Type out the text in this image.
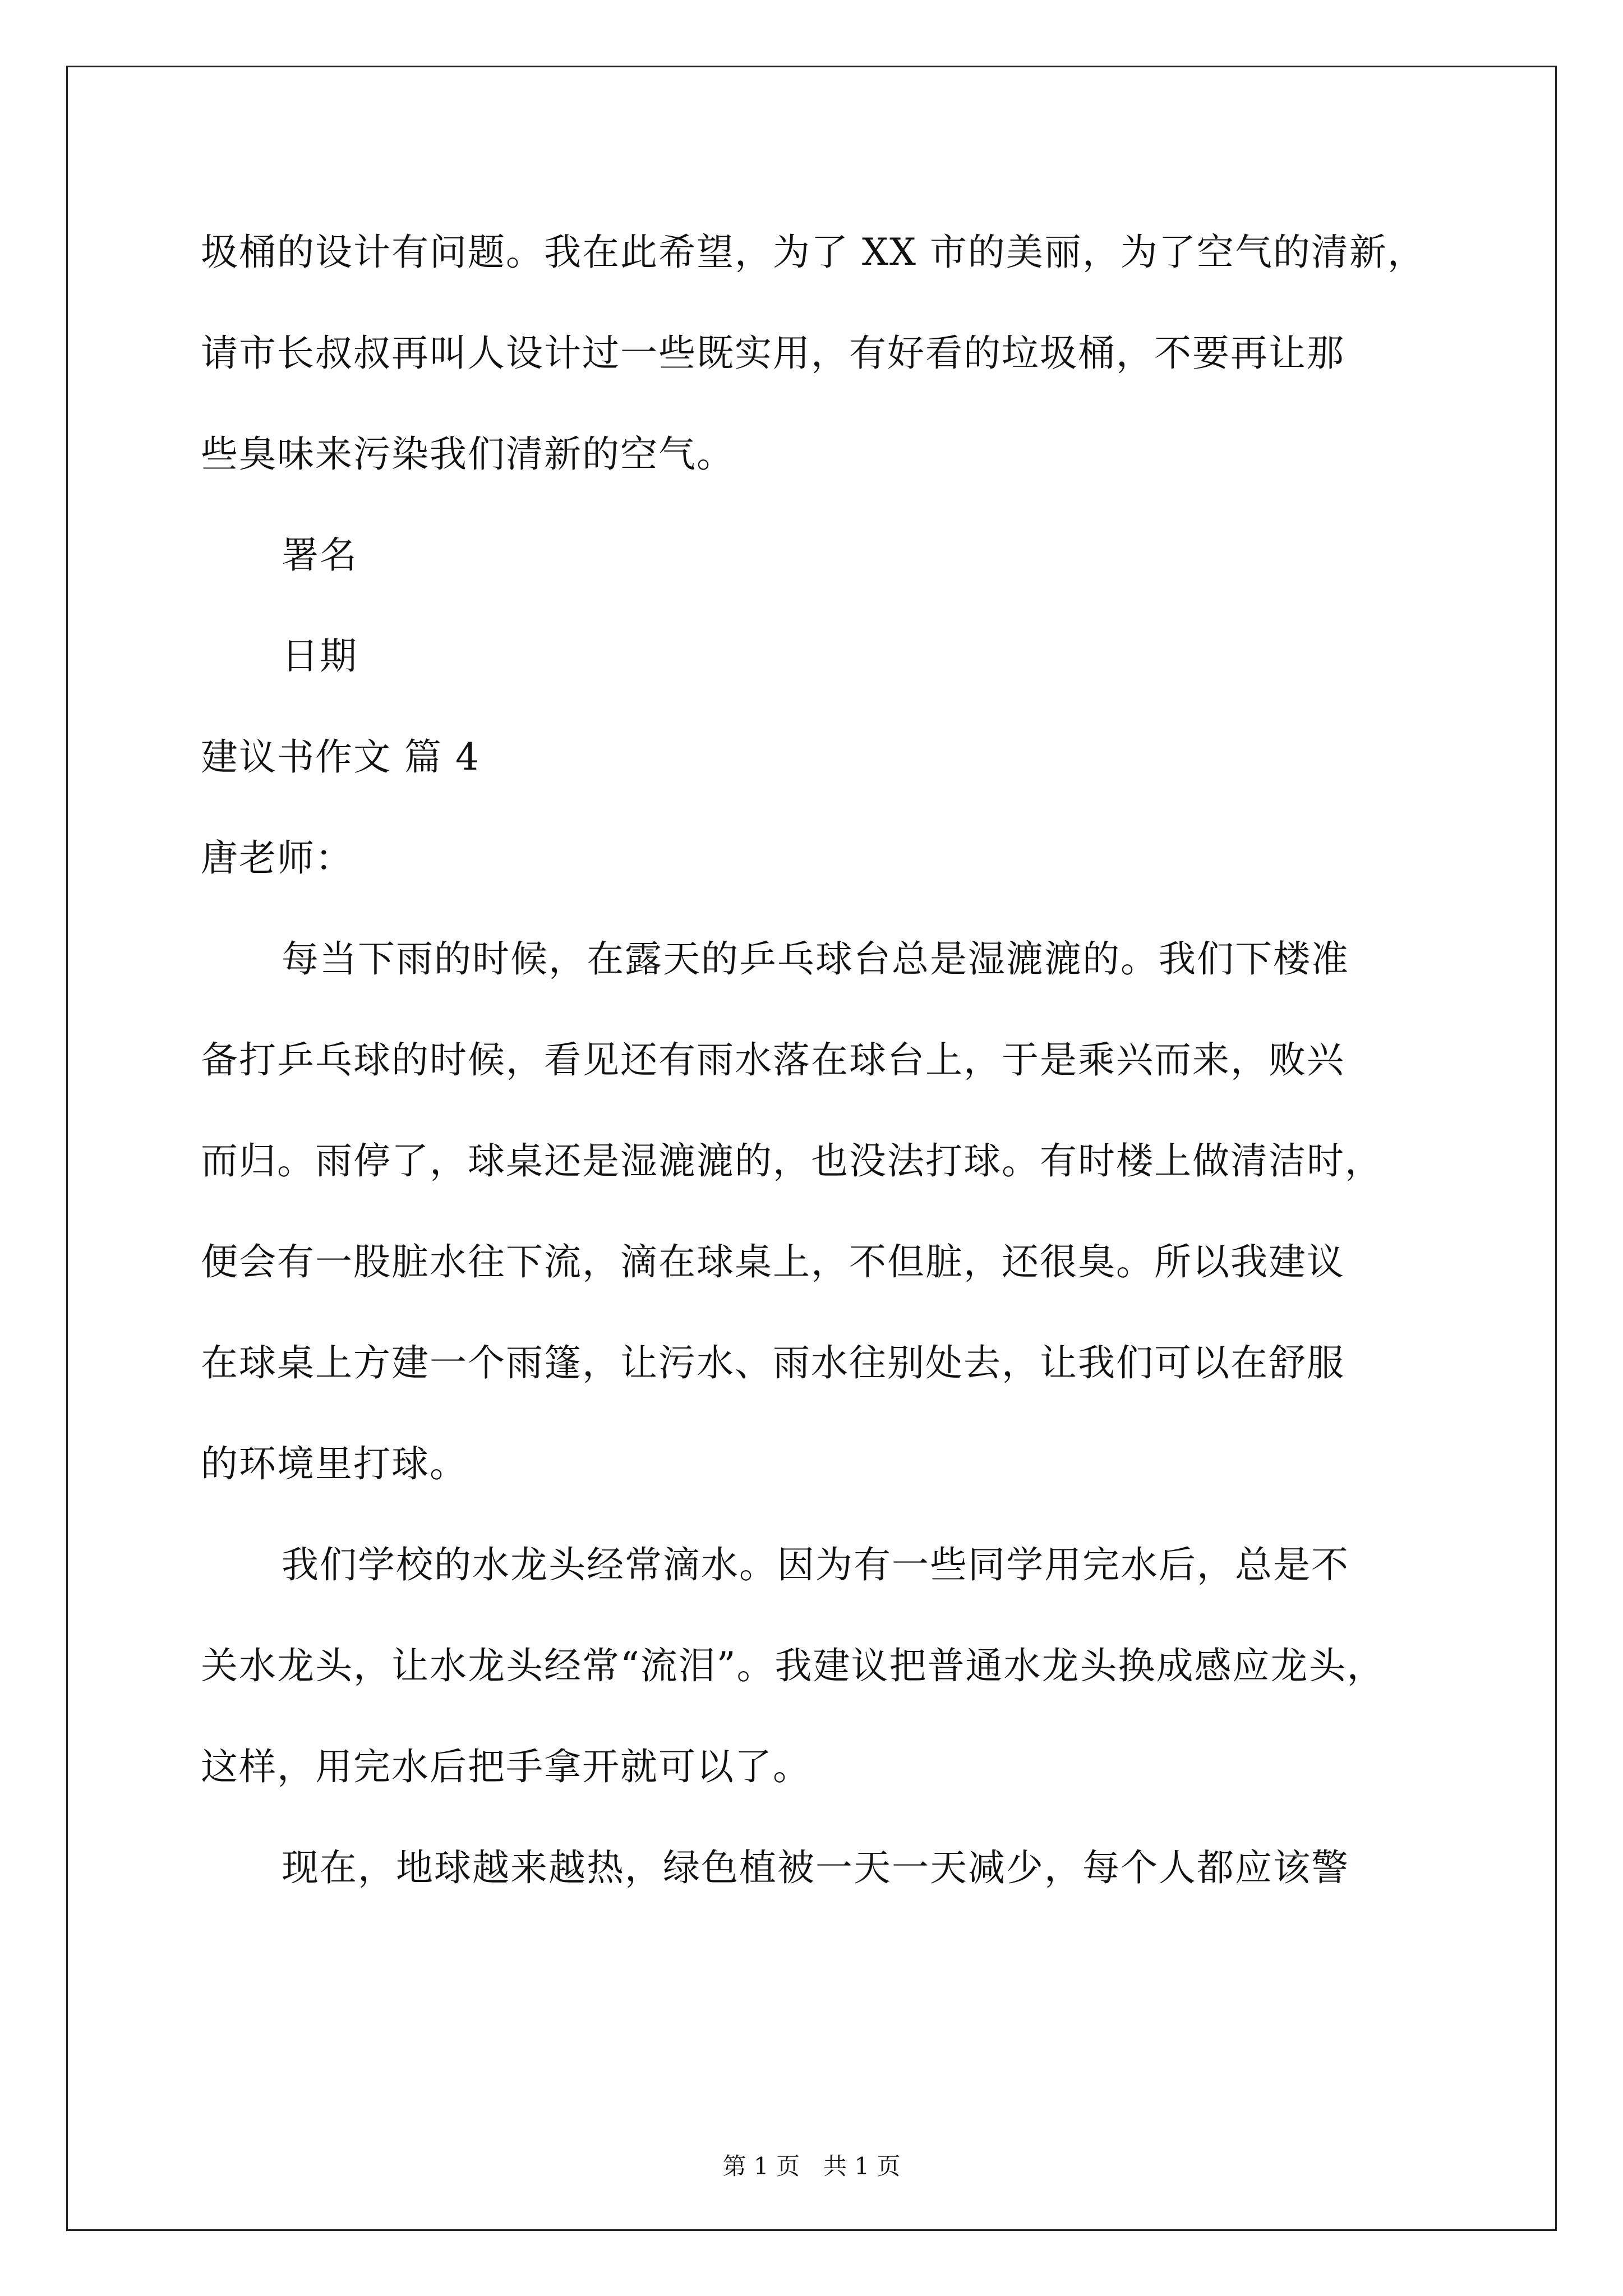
圾桶的设计有问题。我在此希望，为了 XX 市的美丽，为了空气的清新，
请市长叔叔再叫人设计过一些既实用，有好看的垃圾桶，不要再让那
些臭味来污染我们清新的空气。
署名
日期
建议书作文 篇 4
唐老师：
每当下雨的时候，在露天的乒乓球台总是湿漉漉的。我们下楼准
备打乒乓球的时候，看见还有雨水落在球台上，于是乘兴而来，败兴
而归。雨停了，球桌还是湿漉漉的，也没法打球。有时楼上做清洁时，
便会有一股脏水往下流，滴在球桌上，不但脏，还很臭。所以我建议
在球桌上方建一个雨篷，让污水、雨水往别处去，让我们可以在舒服
的环境里打球。
我们学校的水龙头经常滴水。因为有一些同学用完水后，总是不
关水龙头，让水龙头经常“流泪”。我建议把普通水龙头换成感应龙头，
这样，用完水后把手拿开就可以了。
现在，地球越来越热，绿色植被一天一天减少，每个人都应该警
第 1 页　共 1 页
